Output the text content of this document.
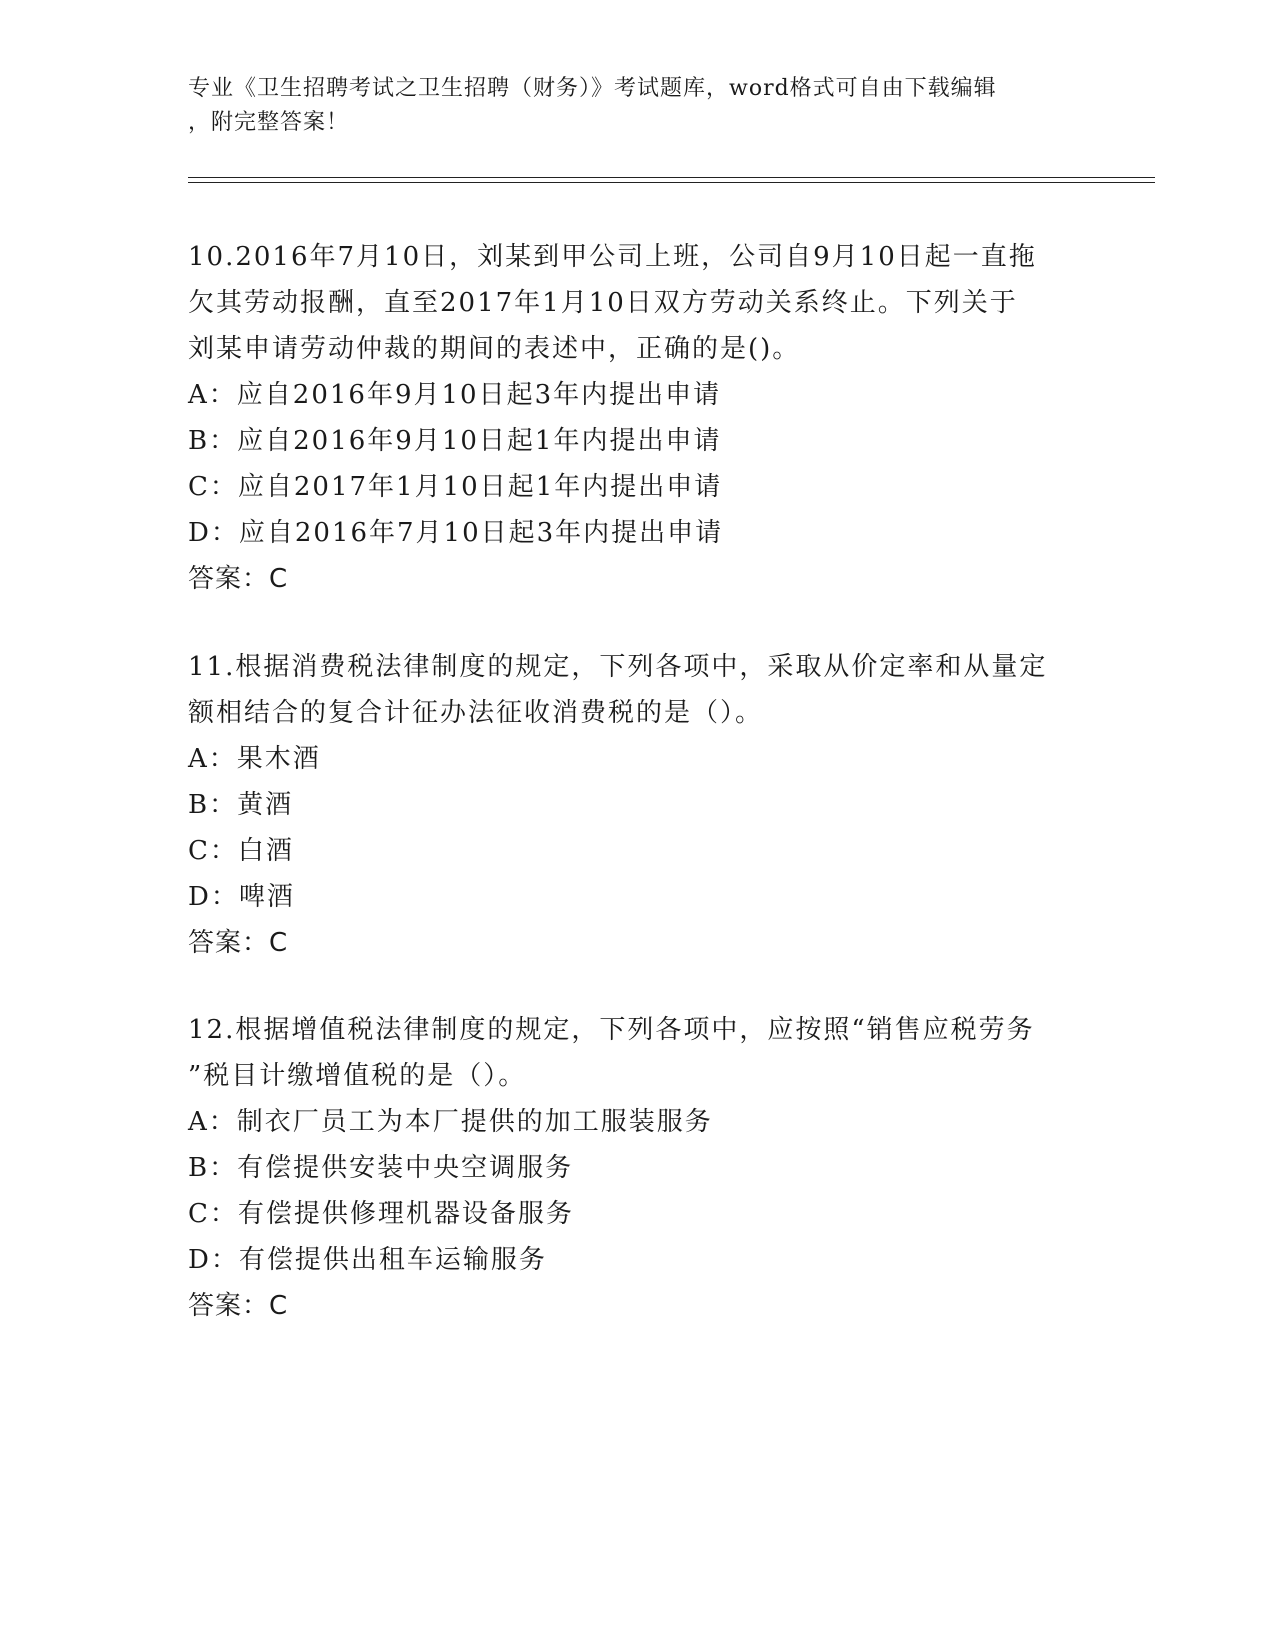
专业《卫生招聘考试之卫生招聘（财务）》考试题库，word格式可自由下载编辑
，附完整答案！
10.2016年7月10日，刘某到甲公司上班，公司自9月10日起一直拖
欠其劳动报酬，直至2017年1月10日双方劳动关系终止。下列关于
刘某申请劳动仲裁的期间的表述中，正确的是()。
A：应自2016年9月10日起3年内提出申请
B：应自2016年9月10日起1年内提出申请
C：应自2017年1月10日起1年内提出申请
D：应自2016年7月10日起3年内提出申请
答案：C
11.根据消费税法律制度的规定，下列各项中，采取从价定率和从量定
额相结合的复合计征办法征收消费税的是（）。
A：果木酒
B：黄酒
C：白酒
D：啤酒
答案：C
12.根据增值税法律制度的规定，下列各项中，应按照“销售应税劳务
”税目计缴增值税的是（）。
A：制衣厂员工为本厂提供的加工服装服务
B：有偿提供安装中央空调服务
C：有偿提供修理机器设备服务
D：有偿提供出租车运输服务
答案：C
